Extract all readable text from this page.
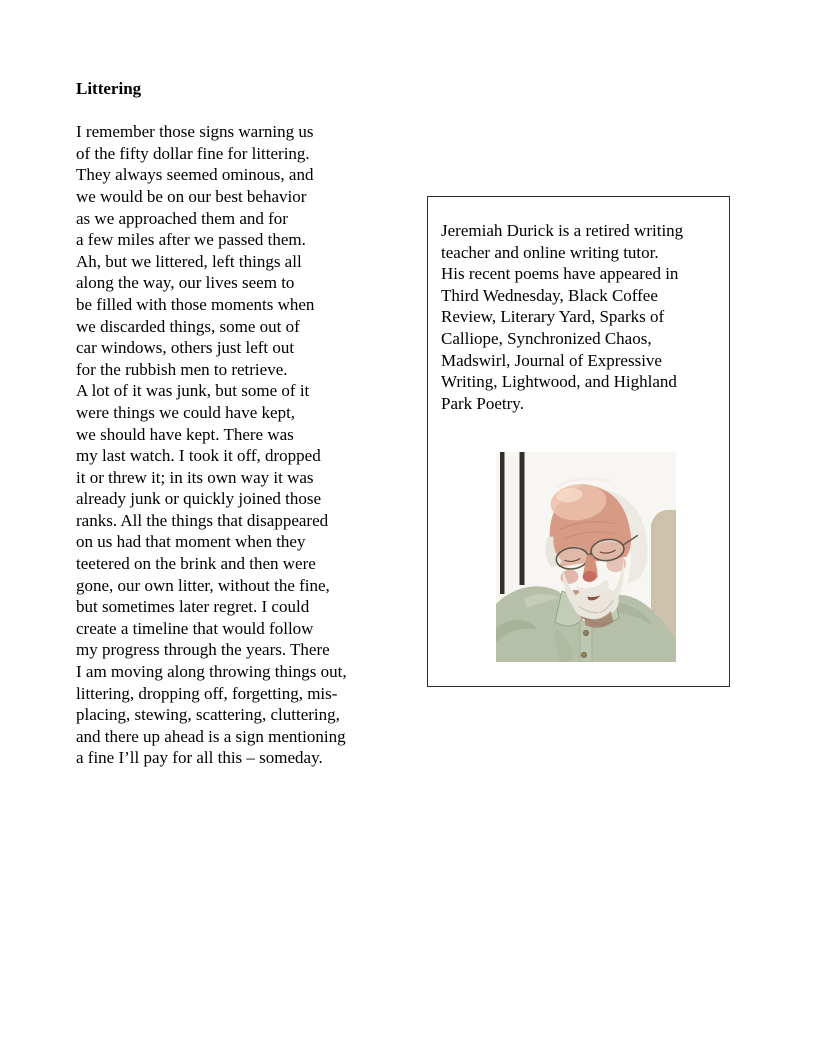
Littering
I remember those signs warning us
of the fifty dollar fine for littering.
They always seemed ominous, and
we would be on our best behavior
as we approached them and for
a few miles after we passed them.
Ah, but we littered, left things all
along the way, our lives seem to
be filled with those moments when
we discarded things, some out of
car windows, others just left out
for the rubbish men to retrieve.
A lot of it was junk, but some of it
were things we could have kept,
we should have kept. There was
my last watch. I took it off, dropped
it or threw it; in its own way it was
already junk or quickly joined those
ranks. All the things that disappeared
on us had that moment when they
teetered on the brink and then were
gone, our own litter, without the fine,
but sometimes later regret. I could
create a timeline that would follow
my progress through the years. There
I am moving along throwing things out,
littering, dropping off, forgetting, mis-
placing, stewing, scattering, cluttering,
and there up ahead is a sign mentioning
a fine I’ll pay for all this – someday.
Jeremiah Durick is a retired writing
teacher and online writing tutor.
His recent poems have appeared in
Third Wednesday, Black Coffee
Review, Literary Yard, Sparks of
Calliope, Synchronized Chaos,
Madswirl, Journal of Expressive
Writing, Lightwood, and Highland
Park Poetry.
